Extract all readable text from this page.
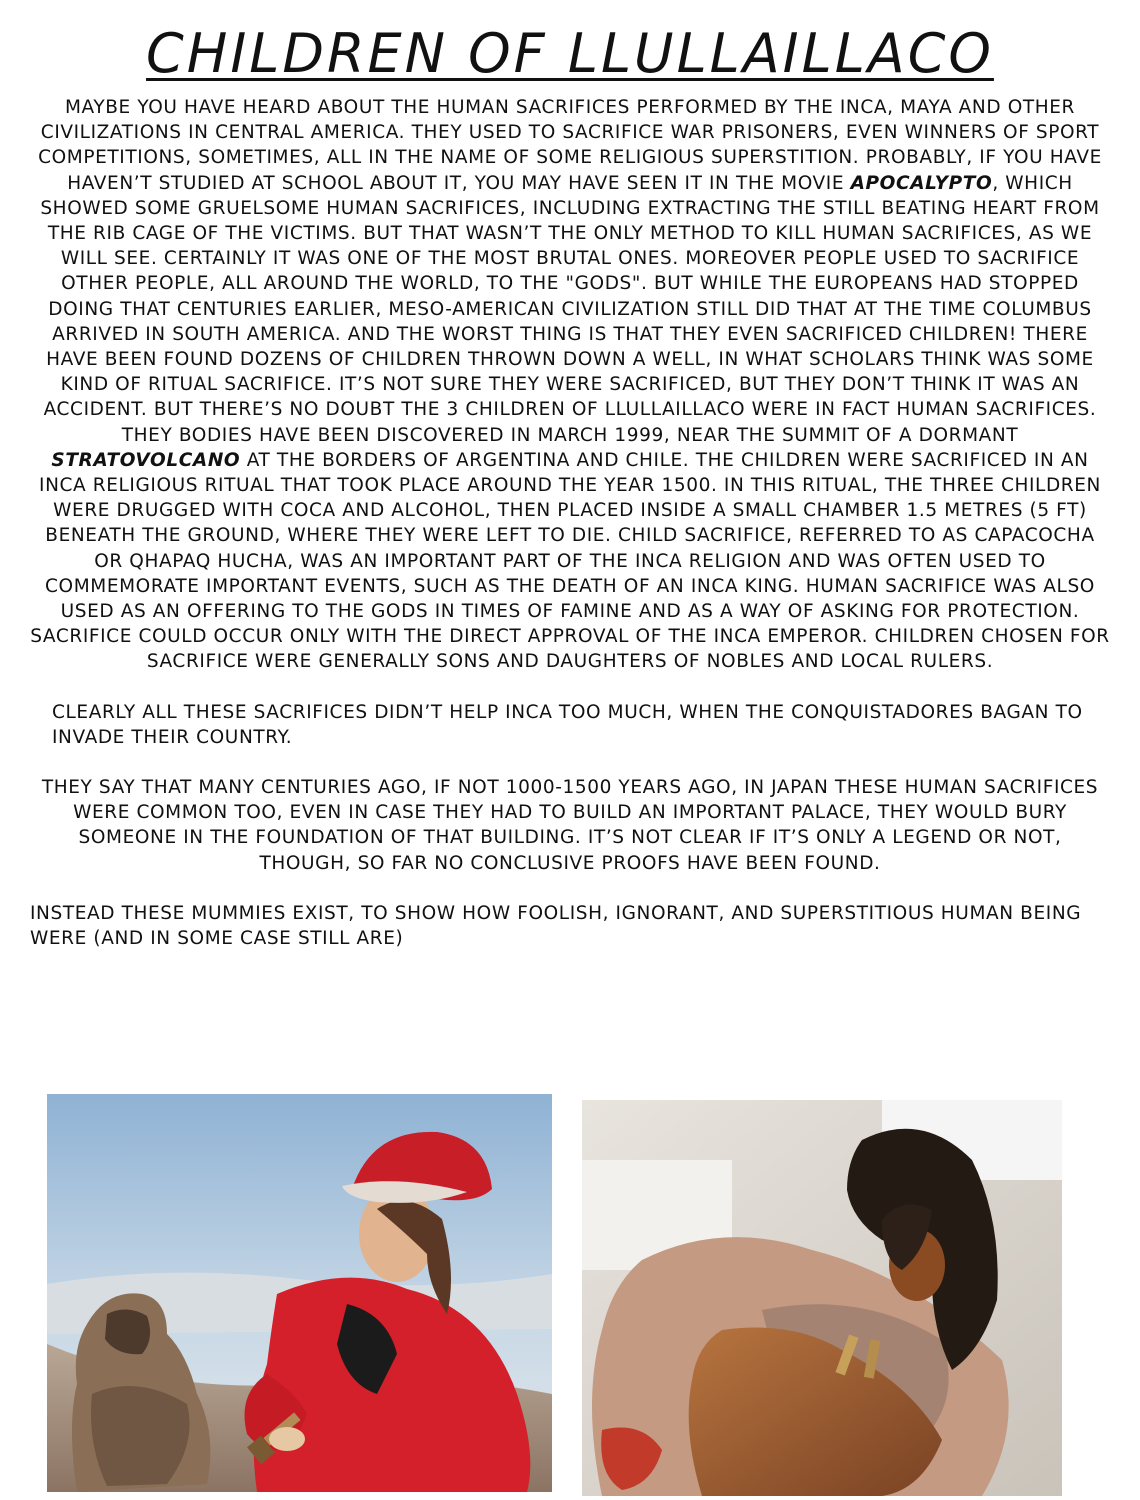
CHILDREN OF LLULLAILLACO

MAYBE YOU HAVE HEARD ABOUT THE HUMAN SACRIFICES PERFORMED BY THE INCA, MAYA AND OTHER CIVILIZATIONS IN CENTRAL AMERICA. THEY USED TO SACRIFICE WAR PRISONERS, EVEN WINNERS OF SPORT COMPETITIONS, SOMETIMES, ALL IN THE NAME OF SOME RELIGIOUS SUPERSTITION. PROBABLY, IF YOU HAVE HAVEN’T STUDIED AT SCHOOL ABOUT IT, YOU MAY HAVE SEEN IT IN THE MOVIE APOCALYPTO, WHICH SHOWED SOME GRUELSOME HUMAN SACRIFICES, INCLUDING EXTRACTING THE STILL BEATING HEART FROM THE RIB CAGE OF THE VICTIMS. BUT THAT WASN’T THE ONLY METHOD TO KILL HUMAN SACRIFICES, AS WE WILL SEE. CERTAINLY IT WAS ONE OF THE MOST BRUTAL ONES. MOREOVER PEOPLE USED TO SACRIFICE OTHER PEOPLE, ALL AROUND THE WORLD, TO THE "GODS". BUT WHILE THE EUROPEANS HAD STOPPED DOING THAT CENTURIES EARLIER, MESO-AMERICAN CIVILIZATION STILL DID THAT AT THE TIME COLUMBUS ARRIVED IN SOUTH AMERICA. AND THE WORST THING IS THAT THEY EVEN SACRIFICED CHILDREN! THERE HAVE BEEN FOUND DOZENS OF CHILDREN THROWN DOWN A WELL, IN WHAT SCHOLARS THINK WAS SOME KIND OF RITUAL SACRIFICE. IT’S NOT SURE THEY WERE SACRIFICED, BUT THEY DON’T THINK IT WAS AN ACCIDENT. BUT THERE’S NO DOUBT THE 3 CHILDREN OF LLULLAILLACO WERE IN FACT HUMAN SACRIFICES. THEY BODIES HAVE BEEN DISCOVERED IN MARCH 1999, NEAR THE SUMMIT OF A DORMANT STRATOVOLCANO AT THE BORDERS OF ARGENTINA AND CHILE. THE CHILDREN WERE SACRIFICED IN AN INCA RELIGIOUS RITUAL THAT TOOK PLACE AROUND THE YEAR 1500. IN THIS RITUAL, THE THREE CHILDREN WERE DRUGGED WITH COCA AND ALCOHOL, THEN PLACED INSIDE A SMALL CHAMBER 1.5 METRES (5 FT) BENEATH THE GROUND, WHERE THEY WERE LEFT TO DIE. CHILD SACRIFICE, REFERRED TO AS CAPACOCHA OR QHAPAQ HUCHA, WAS AN IMPORTANT PART OF THE INCA RELIGION AND WAS OFTEN USED TO COMMEMORATE IMPORTANT EVENTS, SUCH AS THE DEATH OF AN INCA KING. HUMAN SACRIFICE WAS ALSO USED AS AN OFFERING TO THE GODS IN TIMES OF FAMINE AND AS A WAY OF ASKING FOR PROTECTION. SACRIFICE COULD OCCUR ONLY WITH THE DIRECT APPROVAL OF THE INCA EMPEROR. CHILDREN CHOSEN FOR SACRIFICE WERE GENERALLY SONS AND DAUGHTERS OF NOBLES AND LOCAL RULERS.

CLEARLY ALL THESE SACRIFICES DIDN’T HELP INCA TOO MUCH, WHEN THE CONQUISTADORES BAGAN TO INVADE THEIR COUNTRY.

THEY SAY THAT MANY CENTURIES AGO, IF NOT 1000-1500 YEARS AGO, IN JAPAN THESE HUMAN SACRIFICES WERE COMMON TOO, EVEN IN CASE THEY HAD TO BUILD AN IMPORTANT PALACE, THEY WOULD BURY SOMEONE IN THE FOUNDATION OF THAT BUILDING. IT’S NOT CLEAR IF IT’S ONLY A LEGEND OR NOT, THOUGH, SO FAR NO CONCLUSIVE PROOFS HAVE BEEN FOUND.

INSTEAD THESE MUMMIES EXIST, TO SHOW HOW FOOLISH, IGNORANT, AND SUPERSTITIOUS HUMAN BEING WERE (AND IN SOME CASE STILL ARE)
